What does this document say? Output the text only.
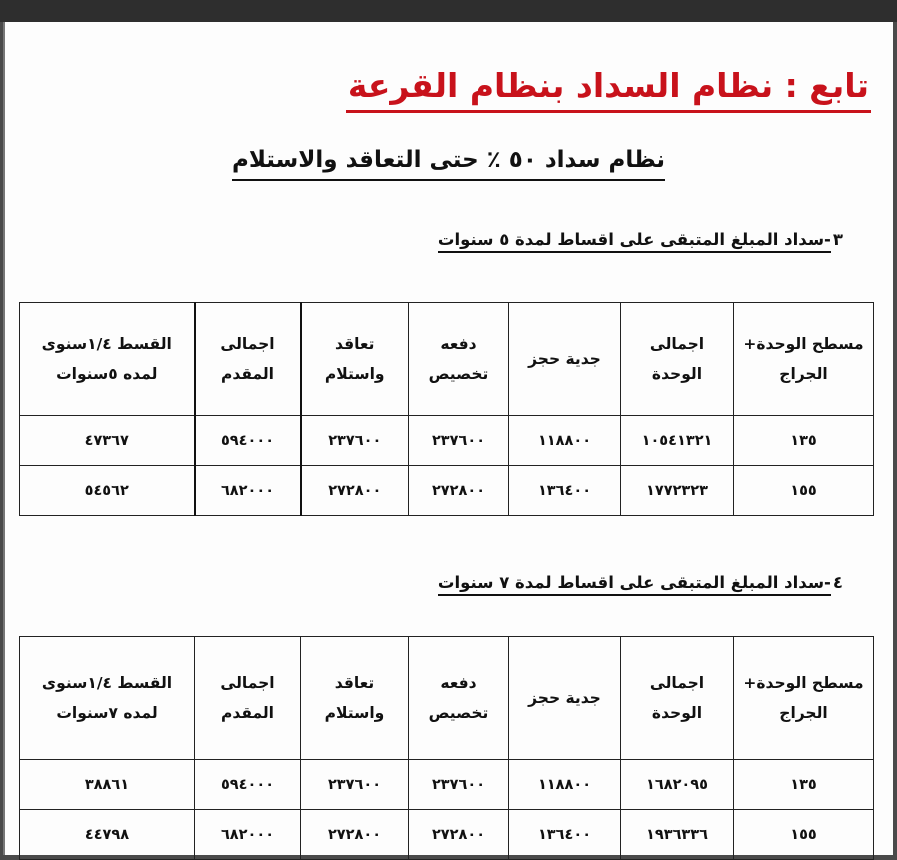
تابع : نظام السداد بنظام القرعة
نظام سداد ٥٠ ٪ حتى التعاقد والاستلام

٣-سداد المبلغ المتبقى على اقساط لمدة ٥ سنوات

مسطح الوحدة+ الجراج	اجمالى الوحدة	جدية حجز	دفعه تخصيص	تعاقد واستلام	اجمالى المقدم	القسط ١/٤سنوى لمده ٥سنوات
١٣٥	١٠٥٤١٣٢١	١١٨٨٠٠	٢٣٧٦٠٠	٢٣٧٦٠٠	٥٩٤٠٠٠	٤٧٣٦٧
١٥٥	١٧٧٢٣٢٣	١٣٦٤٠٠	٢٧٢٨٠٠	٢٧٢٨٠٠	٦٨٢٠٠٠	٥٤٥٦٢

٤-سداد المبلغ المتبقى على اقساط لمدة ٧ سنوات

مسطح الوحدة+ الجراج	اجمالى الوحدة	جدية حجز	دفعه تخصيص	تعاقد واستلام	اجمالى المقدم	القسط ١/٤سنوى لمده ٧سنوات
١٣٥	١٦٨٢٠٩٥	١١٨٨٠٠	٢٣٧٦٠٠	٢٣٧٦٠٠	٥٩٤٠٠٠	٣٨٨٦١
١٥٥	١٩٣٦٣٣٦	١٣٦٤٠٠	٢٧٢٨٠٠	٢٧٢٨٠٠	٦٨٢٠٠٠	٤٤٧٩٨
